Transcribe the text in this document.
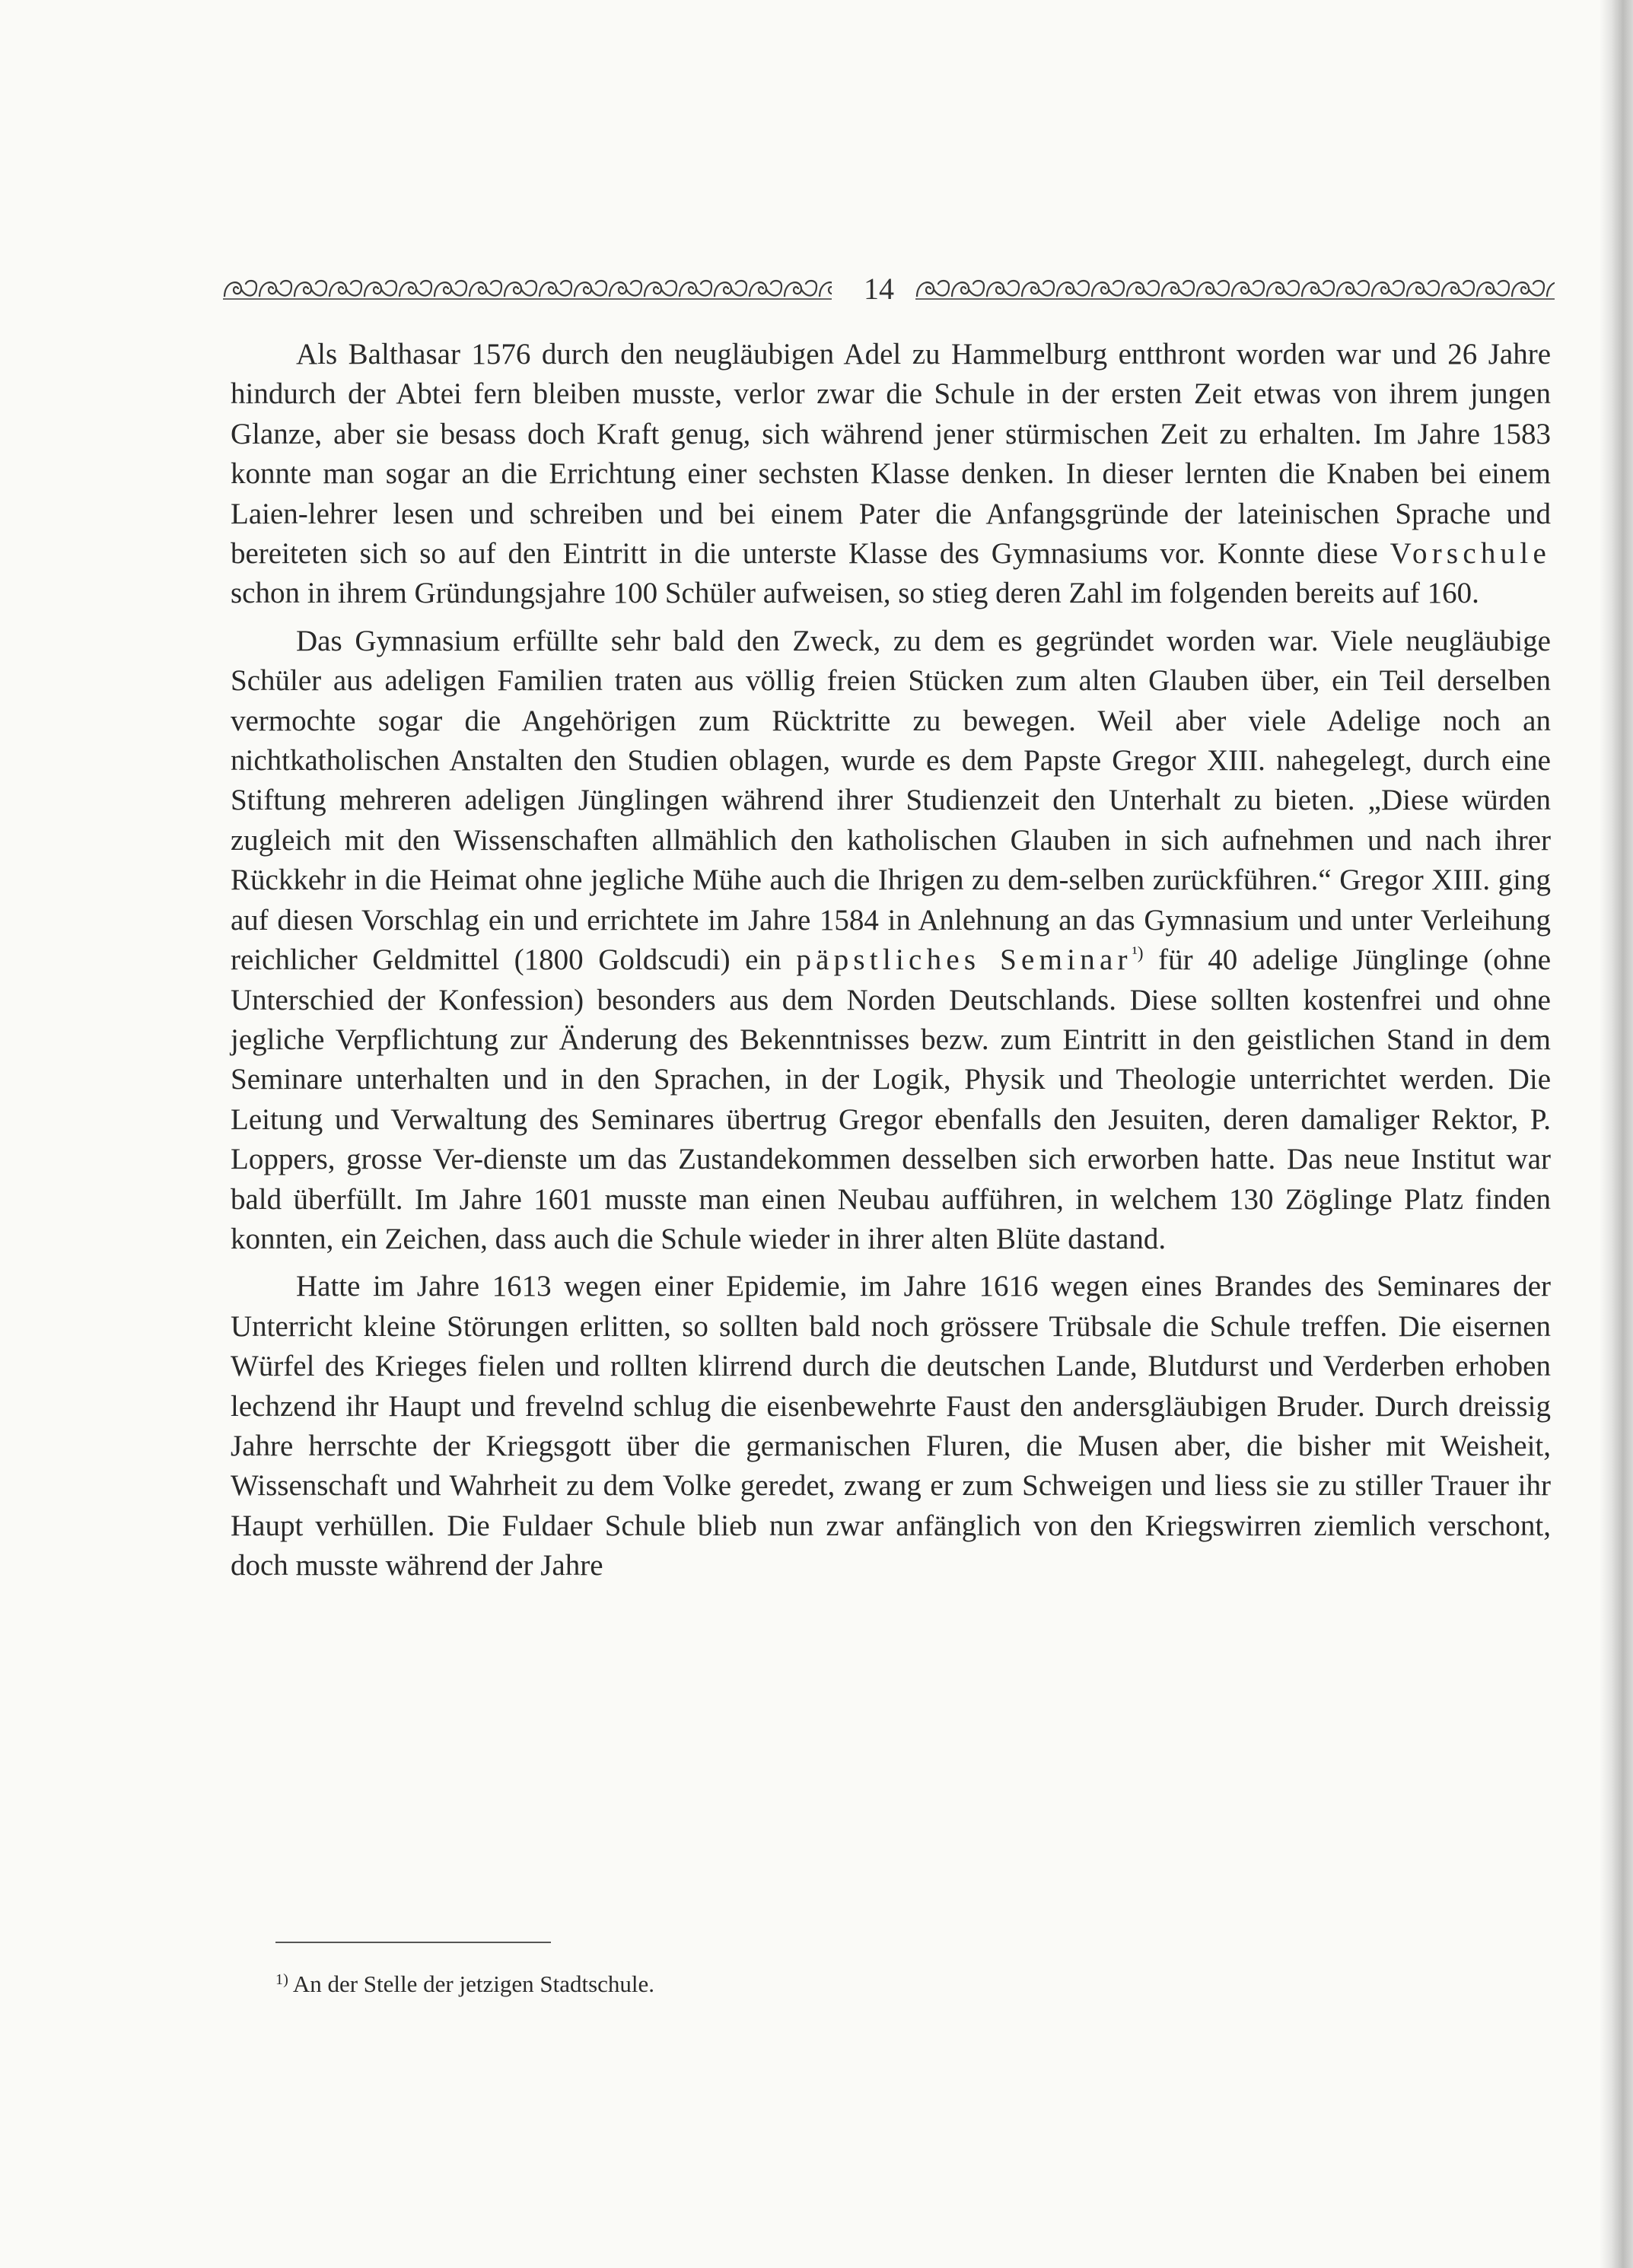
14

Als Balthasar 1576 durch den neugläubigen Adel zu Hammelburg entthront worden war und 26 Jahre hindurch der Abtei fern bleiben musste, verlor zwar die Schule in der ersten Zeit etwas von ihrem jungen Glanze, aber sie besass doch Kraft genug, sich während jener stürmischen Zeit zu erhalten. Im Jahre 1583 konnte man sogar an die Errichtung einer sechsten Klasse denken. In dieser lernten die Knaben bei einem Laien-lehrer lesen und schreiben und bei einem Pater die Anfangsgründe der lateinischen Sprache und bereiteten sich so auf den Eintritt in die unterste Klasse des Gymnasiums vor. Konnte diese Vorschule schon in ihrem Gründungsjahre 100 Schüler aufweisen, so stieg deren Zahl im folgenden bereits auf 160.

Das Gymnasium erfüllte sehr bald den Zweck, zu dem es gegründet worden war. Viele neugläubige Schüler aus adeligen Familien traten aus völlig freien Stücken zum alten Glauben über, ein Teil derselben vermochte sogar die Angehörigen zum Rücktritte zu bewegen. Weil aber viele Adelige noch an nichtkatholischen Anstalten den Studien oblagen, wurde es dem Papste Gregor XIII. nahegelegt, durch eine Stiftung mehreren adeligen Jünglingen während ihrer Studienzeit den Unterhalt zu bieten. „Diese würden zugleich mit den Wissenschaften allmählich den katholischen Glauben in sich aufnehmen und nach ihrer Rückkehr in die Heimat ohne jegliche Mühe auch die Ihrigen zu dem-selben zurückführen.“ Gregor XIII. ging auf diesen Vorschlag ein und errichtete im Jahre 1584 in Anlehnung an das Gymnasium und unter Verleihung reichlicher Geldmittel (1800 Goldscudi) ein päpstliches Seminar$^{^1)}$ für 40 adelige Jünglinge (ohne Unterschied der Konfession) besonders aus dem Norden Deutschlands. Diese sollten kostenfrei und ohne jegliche Verpflichtung zur Änderung des Bekenntnisses bezw. zum Eintritt in den geistlichen Stand in dem Seminare unterhalten und in den Sprachen, in der Logik, Physik und Theologie unterrichtet werden. Die Leitung und Verwaltung des Seminares übertrug Gregor ebenfalls den Jesuiten, deren damaliger Rektor, P. Loppers, grosse Ver-dienste um das Zustandekommen desselben sich erworben hatte. Das neue Institut war bald überfüllt. Im Jahre 1601 musste man einen Neubau aufführen, in welchem 130 Zöglinge Platz finden konnten, ein Zeichen, dass auch die Schule wieder in ihrer alten Blüte dastand.

Hatte im Jahre 1613 wegen einer Epidemie, im Jahre 1616 wegen eines Brandes des Seminares der Unterricht kleine Störungen erlitten, so sollten bald noch grössere Trübsale die Schule treffen. Die eisernen Würfel des Krieges fielen und rollten klirrend durch die deutschen Lande, Blutdurst und Verderben erhoben lechzend ihr Haupt und frevelnd schlug die eisenbewehrte Faust den andersgläubigen Bruder. Durch dreissig Jahre herrschte der Kriegsgott über die germanischen Fluren, die Musen aber, die bisher mit Weisheit, Wissenschaft und Wahrheit zu dem Volke geredet, zwang er zum Schweigen und liess sie zu stiller Trauer ihr Haupt verhüllen. Die Fuldaer Schule blieb nun zwar anfänglich von den Kriegswirren ziemlich verschont, doch musste während der Jahre

$^{1)}$ An der Stelle der jetzigen Stadtschule.
